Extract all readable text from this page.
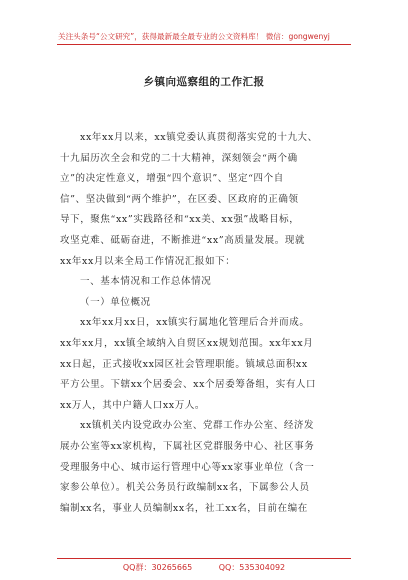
关注头条号“公文研究”，获得最新最全最专业的公文资料库！ 微信：gongwenyj
乡镇向巡察组的工作汇报
xx年xx月以来，xx镇党委认真贯彻落实党的十九大、
十九届历次全会和党的二十大精神，深刻领会“两个确
立”的决定性意义，增强“四个意识”、坚定“四个自
信”、坚决做到“两个维护”，在区委、区政府的正确领
导下，聚焦“xx”实践路径和“xx美、xx强”战略目标，
攻坚克难、砥砺奋进，不断推进“xx”高质量发展。现就
xx年xx月以来全局工作情况汇报如下：
一、基本情况和工作总体情况
（一）单位概况
xx年xx月xx日，xx镇实行属地化管理后合并而成。
xx年xx月，xx镇全域纳入自贸区xx规划范围。xx年xx月
xx日起，正式接收xx园区社会管理职能。镇域总面积xx
平方公里。下辖xx个居委会、xx个居委筹备组，实有人口
xx万人，其中户籍人口xx万人。
xx镇机关内设党政办公室、党群工作办公室、经济发
展办公室等xx家机构，下属社区党群服务中心、社区事务
受理服务中心、城市运行管理中心等xx家事业单位（含一
家参公单位）。机关公务员行政编制xx名，下属参公人员
编制xx名，事业人员编制xx名，社工xx名，目前在编在
QQ群：30265665	QQ：535304092
